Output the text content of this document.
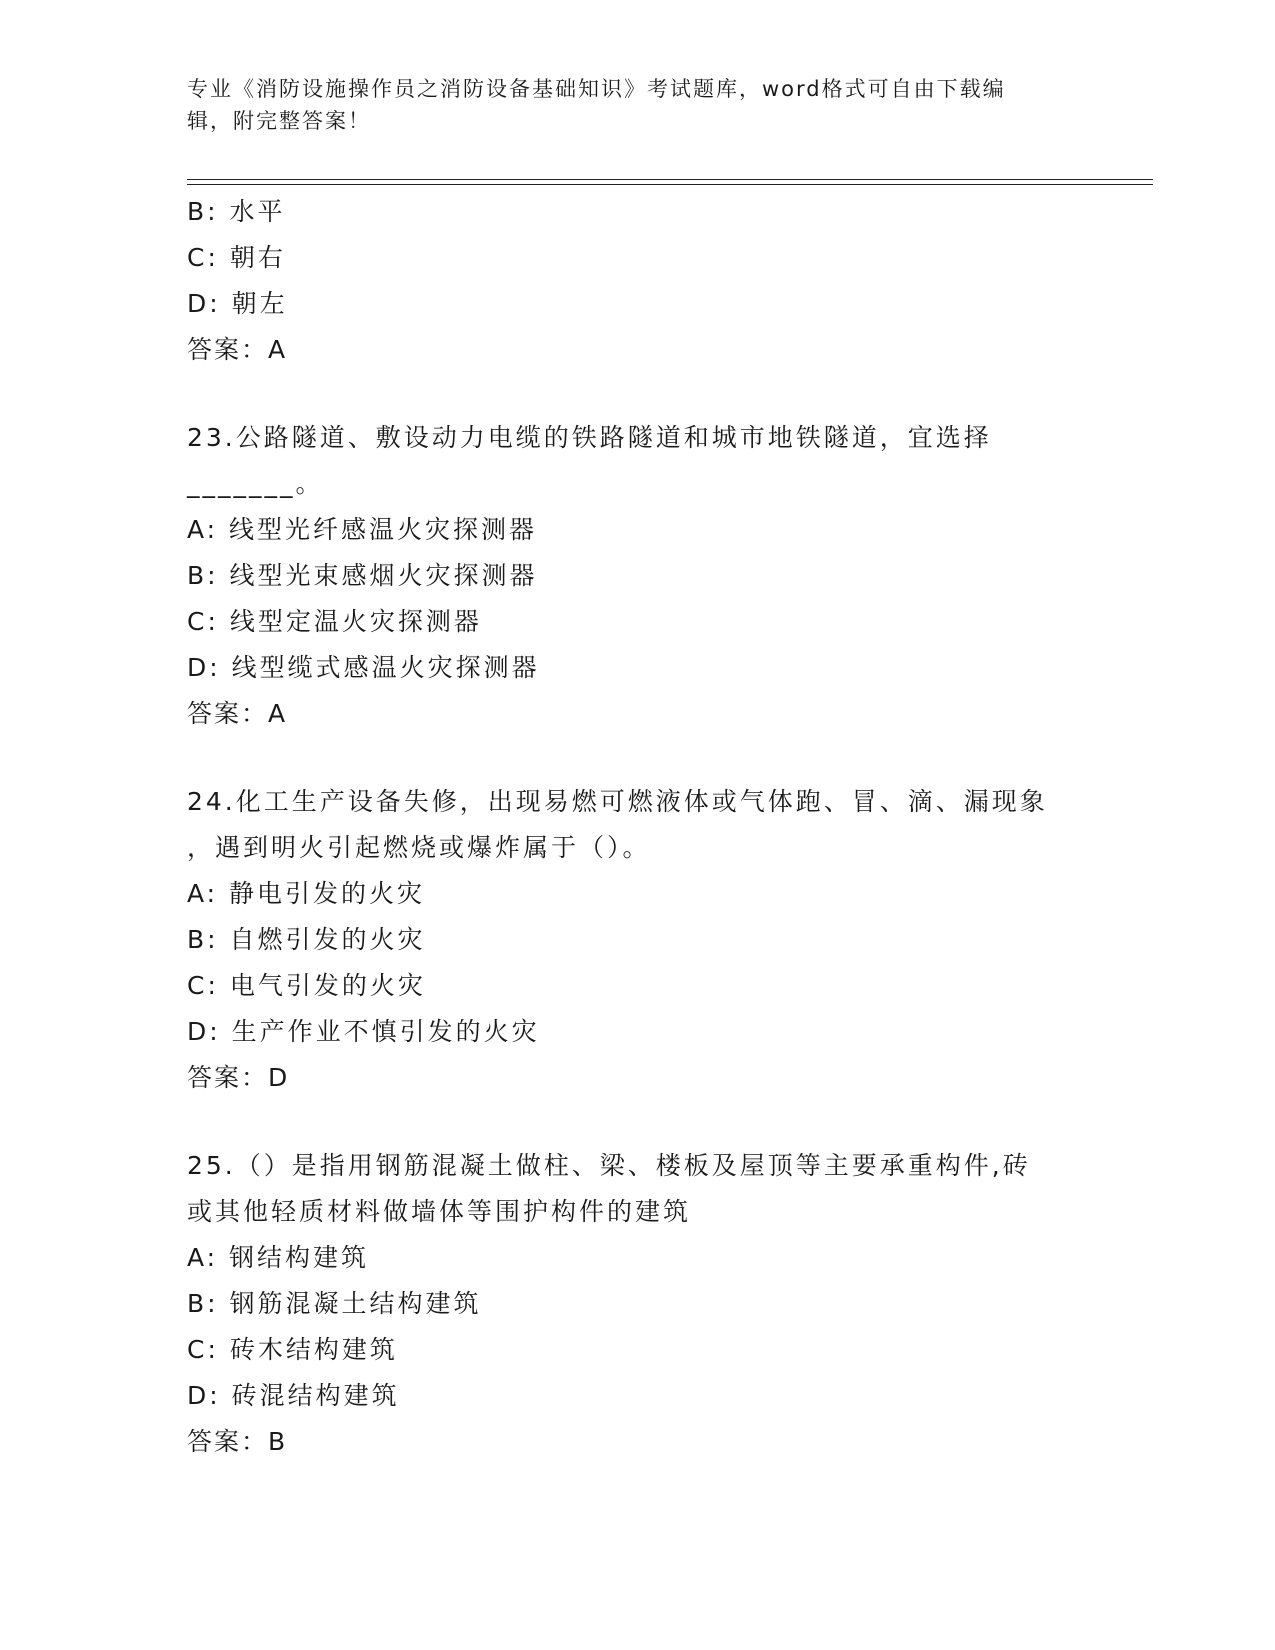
专业《消防设施操作员之消防设备基础知识》考试题库，word格式可自由下载编
辑，附完整答案！
B: 水平
C: 朝右
D: 朝左
答案：A
23.公路隧道、敷设动力电缆的铁路隧道和城市地铁隧道，宜选择
_______。
A: 线型光纤感温火灾探测器
B: 线型光束感烟火灾探测器
C: 线型定温火灾探测器
D: 线型缆式感温火灾探测器
答案：A
24.化工生产设备失修，出现易燃可燃液体或气体跑、冒、滴、漏现象
，遇到明火引起燃烧或爆炸属于（）。
A: 静电引发的火灾
B: 自燃引发的火灾
C: 电气引发的火灾
D: 生产作业不慎引发的火灾
答案：D
25.（）是指用钢筋混凝土做柱、梁、楼板及屋顶等主要承重构件,砖
或其他轻质材料做墙体等围护构件的建筑
A: 钢结构建筑
B: 钢筋混凝土结构建筑
C: 砖木结构建筑
D: 砖混结构建筑
答案：B
